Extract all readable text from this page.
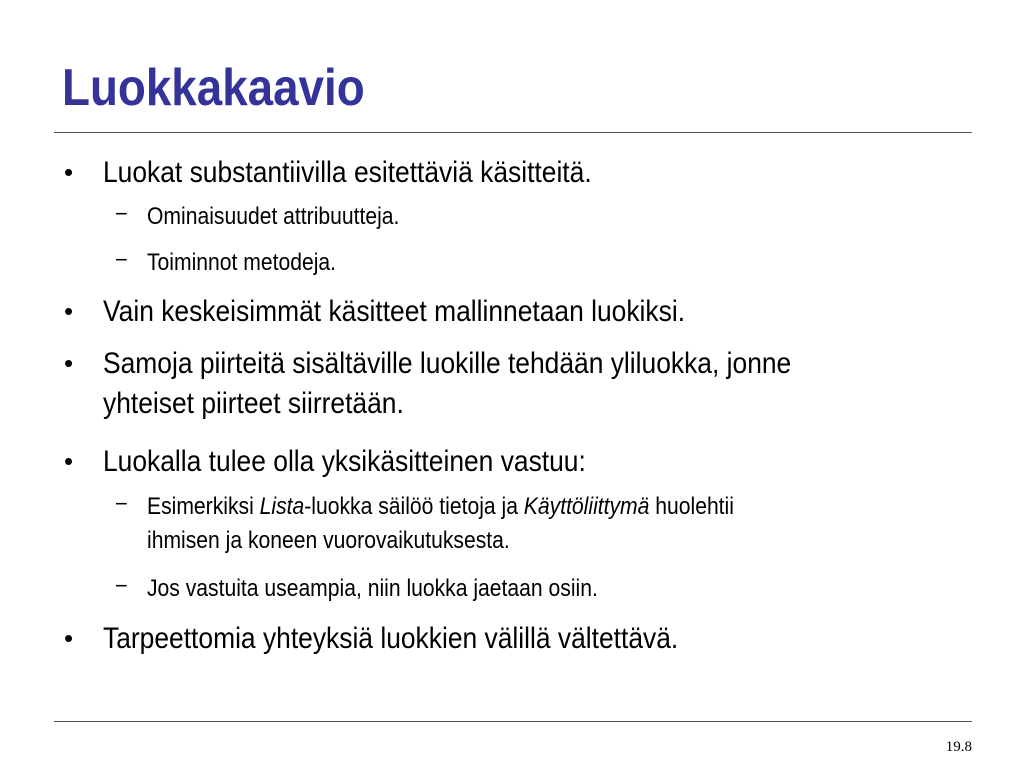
Luokkakaavio
• Luokat substantiivilla esitettäviä käsitteitä.
− Ominaisuudet attribuutteja.
− Toiminnot metodeja.
• Vain keskeisimmät käsitteet mallinnetaan luokiksi.
• Samoja piirteitä sisältäville luokille tehdään yliluokka, jonne
yhteiset piirteet siirretään.
• Luokalla tulee olla yksikäsitteinen vastuu:
− Esimerkiksi Lista-luokka säilöö tietoja ja Käyttöliittymä huolehtii
ihmisen ja koneen vuorovaikutuksesta.
− Jos vastuita useampia, niin luokka jaetaan osiin.
• Tarpeettomia yhteyksiä luokkien välillä vältettävä.
19.8
